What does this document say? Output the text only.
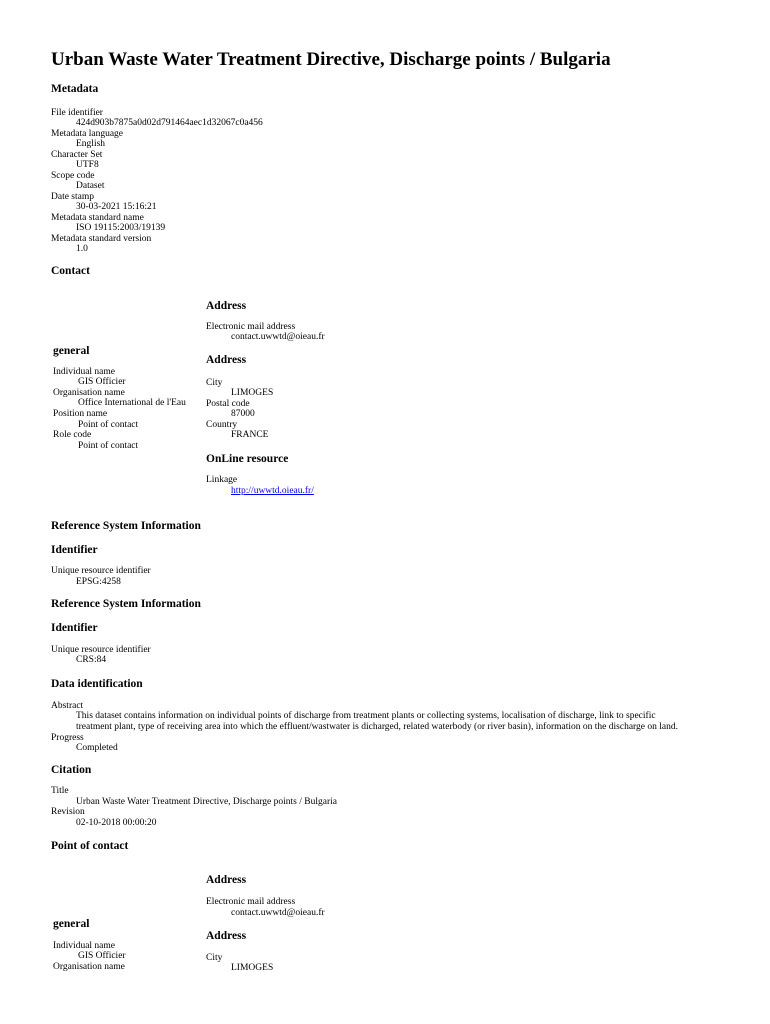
Urban Waste Water Treatment Directive, Discharge points / Bulgaria
Metadata
File identifier
424d903b7875a0d02d791464aec1d32067c0a456
Metadata language
English
Character Set
UTF8
Scope code
Dataset
Date stamp
30-03-2021 15:16:21
Metadata standard name
ISO 19115:2003/19139
Metadata standard version
1.0
Contact
Address
Electronic mail address
contact.uwwtd@oieau.fr
general
Address
Individual name
GIS Officier
Organisation name
Office International de l'Eau
Position name
Point of contact
Role code
Point of contact
City
LIMOGES
Postal code
87000
Country
FRANCE
OnLine resource
Linkage
http://uwwtd.oieau.fr/
Reference System Information
Identifier
Unique resource identifier
EPSG:4258
Reference System Information
Identifier
Unique resource identifier
CRS:84
Data identification
Abstract
This dataset contains information on individual points of discharge from treatment plants or collecting systems, localisation of discharge, link to specific
treatment plant, type of receiving area into which the effluent/wastwater is dicharged, related waterbody (or river basin), information on the discharge on land.
Progress
Completed
Citation
Title
Urban Waste Water Treatment Directive, Discharge points / Bulgaria
Revision
02-10-2018 00:00:20
Point of contact
Address
Electronic mail address
contact.uwwtd@oieau.fr
general
Address
Individual name
GIS Officier
Organisation name
City
LIMOGES
